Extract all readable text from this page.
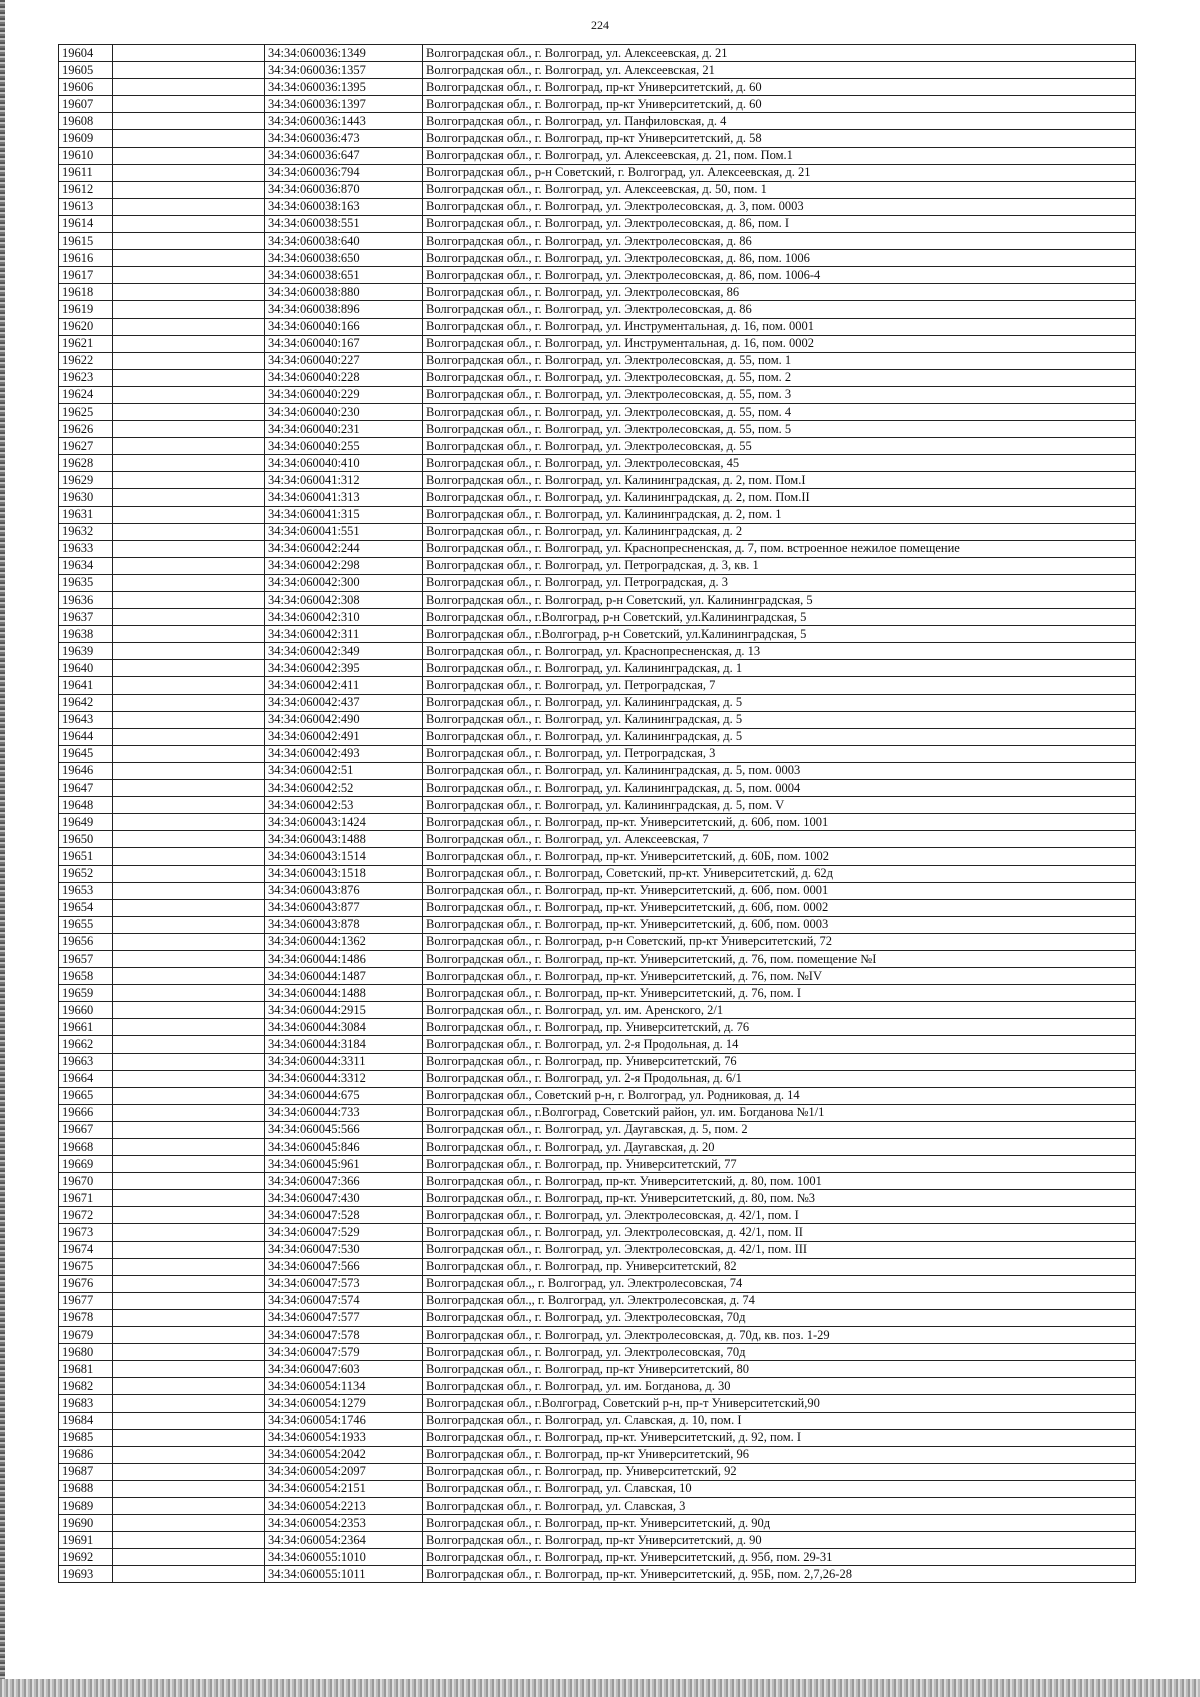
224
19604		34:34:060036:1349	Волгоградская обл., г. Волгоград, ул. Алексеевская, д. 21
19605		34:34:060036:1357	Волгоградская обл., г. Волгоград, ул. Алексеевская, 21
19606		34:34:060036:1395	Волгоградская обл., г. Волгоград, пр-кт Университетский, д. 60
19607		34:34:060036:1397	Волгоградская обл., г. Волгоград, пр-кт Университетский, д. 60
19608		34:34:060036:1443	Волгоградская обл., г. Волгоград, ул. Панфиловская, д. 4
19609		34:34:060036:473	Волгоградская обл., г. Волгоград, пр-кт Университетский, д. 58
19610		34:34:060036:647	Волгоградская обл., г. Волгоград, ул. Алексеевская, д. 21, пом. Пом.1
19611		34:34:060036:794	Волгоградская обл., р-н Советский, г. Волгоград, ул. Алексеевская, д. 21
19612		34:34:060036:870	Волгоградская обл., г. Волгоград, ул. Алексеевская, д. 50, пом. 1
19613		34:34:060038:163	Волгоградская обл., г. Волгоград, ул. Электролесовская, д. 3, пом. 0003
19614		34:34:060038:551	Волгоградская обл., г. Волгоград, ул. Электролесовская, д. 86, пом. I
19615		34:34:060038:640	Волгоградская обл., г. Волгоград, ул. Электролесовская, д. 86
19616		34:34:060038:650	Волгоградская обл., г. Волгоград, ул. Электролесовская, д. 86, пом. 1006
19617		34:34:060038:651	Волгоградская обл., г. Волгоград, ул. Электролесовская, д. 86, пом. 1006-4
19618		34:34:060038:880	Волгоградская обл., г. Волгоград, ул. Электролесовская, 86
19619		34:34:060038:896	Волгоградская обл., г. Волгоград, ул. Электролесовская, д. 86
19620		34:34:060040:166	Волгоградская обл., г. Волгоград, ул. Инструментальная, д. 16, пом. 0001
19621		34:34:060040:167	Волгоградская обл., г. Волгоград, ул. Инструментальная, д. 16, пом. 0002
19622		34:34:060040:227	Волгоградская обл., г. Волгоград, ул. Электролесовская, д. 55, пом. 1
19623		34:34:060040:228	Волгоградская обл., г. Волгоград, ул. Электролесовская, д. 55, пом. 2
19624		34:34:060040:229	Волгоградская обл., г. Волгоград, ул. Электролесовская, д. 55, пом. 3
19625		34:34:060040:230	Волгоградская обл., г. Волгоград, ул. Электролесовская, д. 55, пом. 4
19626		34:34:060040:231	Волгоградская обл., г. Волгоград, ул. Электролесовская, д. 55, пом. 5
19627		34:34:060040:255	Волгоградская обл., г. Волгоград, ул. Электролесовская, д. 55
19628		34:34:060040:410	Волгоградская обл., г. Волгоград, ул. Электролесовская, 45
19629		34:34:060041:312	Волгоградская обл., г. Волгоград, ул. Калининградская, д. 2, пом. Пом.I
19630		34:34:060041:313	Волгоградская обл., г. Волгоград, ул. Калининградская, д. 2, пом. Пом.II
19631		34:34:060041:315	Волгоградская обл., г. Волгоград, ул. Калининградская, д. 2, пом. 1
19632		34:34:060041:551	Волгоградская обл., г. Волгоград, ул. Калининградская, д. 2
19633		34:34:060042:244	Волгоградская обл., г. Волгоград, ул. Краснопресненская, д. 7, пом. встроенное нежилое помещение
19634		34:34:060042:298	Волгоградская обл., г. Волгоград, ул. Петроградская, д. 3, кв. 1
19635		34:34:060042:300	Волгоградская обл., г. Волгоград, ул. Петроградская, д. 3
19636		34:34:060042:308	Волгоградская обл., г. Волгоград, р-н Советский, ул. Калининградская, 5
19637		34:34:060042:310	Волгоградская обл., г.Волгоград, р-н Советский, ул.Калининградская, 5
19638		34:34:060042:311	Волгоградская обл., г.Волгоград, р-н Советский, ул.Калининградская, 5
19639		34:34:060042:349	Волгоградская обл., г. Волгоград, ул. Краснопресненская, д. 13
19640		34:34:060042:395	Волгоградская обл., г. Волгоград, ул. Калининградская, д. 1
19641		34:34:060042:411	Волгоградская обл., г. Волгоград, ул. Петроградская, 7
19642		34:34:060042:437	Волгоградская обл., г. Волгоград, ул. Калининградская, д. 5
19643		34:34:060042:490	Волгоградская обл., г. Волгоград, ул. Калининградская, д. 5
19644		34:34:060042:491	Волгоградская обл., г. Волгоград, ул. Калининградская, д. 5
19645		34:34:060042:493	Волгоградская обл., г. Волгоград, ул. Петроградская, 3
19646		34:34:060042:51	Волгоградская обл., г. Волгоград, ул. Калининградская, д. 5, пом. 0003
19647		34:34:060042:52	Волгоградская обл., г. Волгоград, ул. Калининградская, д. 5, пом. 0004
19648		34:34:060042:53	Волгоградская обл., г. Волгоград, ул. Калининградская, д. 5, пом. V
19649		34:34:060043:1424	Волгоградская обл., г. Волгоград, пр-кт. Университетский, д. 60б, пом. 1001
19650		34:34:060043:1488	Волгоградская обл., г. Волгоград, ул. Алексеевская, 7
19651		34:34:060043:1514	Волгоградская обл., г. Волгоград, пр-кт. Университетский, д. 60Б, пом. 1002
19652		34:34:060043:1518	Волгоградская обл., г. Волгоград, Советский, пр-кт. Университетский, д. 62д
19653		34:34:060043:876	Волгоградская обл., г. Волгоград, пр-кт. Университетский, д. 60б, пом. 0001
19654		34:34:060043:877	Волгоградская обл., г. Волгоград, пр-кт. Университетский, д. 60б, пом. 0002
19655		34:34:060043:878	Волгоградская обл., г. Волгоград, пр-кт. Университетский, д. 60б, пом. 0003
19656		34:34:060044:1362	Волгоградская обл., г. Волгоград, р-н Советский, пр-кт Университетский, 72
19657		34:34:060044:1486	Волгоградская обл., г. Волгоград, пр-кт. Университетский, д. 76, пом. помещение №I
19658		34:34:060044:1487	Волгоградская обл., г. Волгоград, пр-кт. Университетский, д. 76, пом. №IV
19659		34:34:060044:1488	Волгоградская обл., г. Волгоград, пр-кт. Университетский, д. 76, пом. I
19660		34:34:060044:2915	Волгоградская обл., г. Волгоград, ул. им. Аренского, 2/1
19661		34:34:060044:3084	Волгоградская обл., г. Волгоград, пр. Университетский, д. 76
19662		34:34:060044:3184	Волгоградская обл., г. Волгоград, ул. 2-я Продольная, д. 14
19663		34:34:060044:3311	Волгоградская обл., г. Волгоград, пр. Университетский, 76
19664		34:34:060044:3312	Волгоградская обл., г. Волгоград, ул. 2-я Продольная, д. 6/1
19665		34:34:060044:675	Волгоградская обл., Советский р-н, г. Волгоград, ул. Родниковая, д. 14
19666		34:34:060044:733	Волгоградская обл., г.Волгоград, Советский район, ул. им. Богданова №1/1
19667		34:34:060045:566	Волгоградская обл., г. Волгоград, ул. Даугавская, д. 5, пом. 2
19668		34:34:060045:846	Волгоградская обл., г. Волгоград, ул. Даугавская, д. 20
19669		34:34:060045:961	Волгоградская обл., г. Волгоград, пр. Университетский, 77
19670		34:34:060047:366	Волгоградская обл., г. Волгоград, пр-кт. Университетский, д. 80, пом. 1001
19671		34:34:060047:430	Волгоградская обл., г. Волгоград, пр-кт. Университетский, д. 80, пом. №3
19672		34:34:060047:528	Волгоградская обл., г. Волгоград, ул. Электролесовская, д. 42/1, пом. I
19673		34:34:060047:529	Волгоградская обл., г. Волгоград, ул. Электролесовская, д. 42/1, пом. II
19674		34:34:060047:530	Волгоградская обл., г. Волгоград, ул. Электролесовская, д. 42/1, пом. III
19675		34:34:060047:566	Волгоградская обл., г. Волгоград, пр. Университетский, 82
19676		34:34:060047:573	Волгоградская обл.,, г. Волгоград, ул. Электролесовская, 74
19677		34:34:060047:574	Волгоградская обл.,, г. Волгоград, ул. Электролесовская, д. 74
19678		34:34:060047:577	Волгоградская обл., г. Волгоград, ул. Электролесовская, 70д
19679		34:34:060047:578	Волгоградская обл., г. Волгоград, ул. Электролесовская, д. 70д, кв. поз. 1-29
19680		34:34:060047:579	Волгоградская обл., г. Волгоград, ул. Электролесовская, 70д
19681		34:34:060047:603	Волгоградская обл., г. Волгоград, пр-кт Университетский, 80
19682		34:34:060054:1134	Волгоградская обл., г. Волгоград, ул. им. Богданова, д. 30
19683		34:34:060054:1279	Волгоградская обл., г.Волгоград, Советский р-н, пр-т Университетский,90
19684		34:34:060054:1746	Волгоградская обл., г. Волгоград, ул. Славская, д. 10, пом. I
19685		34:34:060054:1933	Волгоградская обл., г. Волгоград, пр-кт. Университетский, д. 92, пом. I
19686		34:34:060054:2042	Волгоградская обл., г. Волгоград, пр-кт Университетский, 96
19687		34:34:060054:2097	Волгоградская обл., г. Волгоград, пр. Университетский, 92
19688		34:34:060054:2151	Волгоградская обл., г. Волгоград, ул. Славская, 10
19689		34:34:060054:2213	Волгоградская обл., г. Волгоград, ул. Славская, 3
19690		34:34:060054:2353	Волгоградская обл., г. Волгоград, пр-кт. Университетский, д. 90д
19691		34:34:060054:2364	Волгоградская обл., г. Волгоград, пр-кт Университетский, д. 90
19692		34:34:060055:1010	Волгоградская обл., г. Волгоград, пр-кт. Университетский, д. 95б, пом. 29-31
19693		34:34:060055:1011	Волгоградская обл., г. Волгоград, пр-кт. Университетский, д. 95Б, пом. 2,7,26-28
